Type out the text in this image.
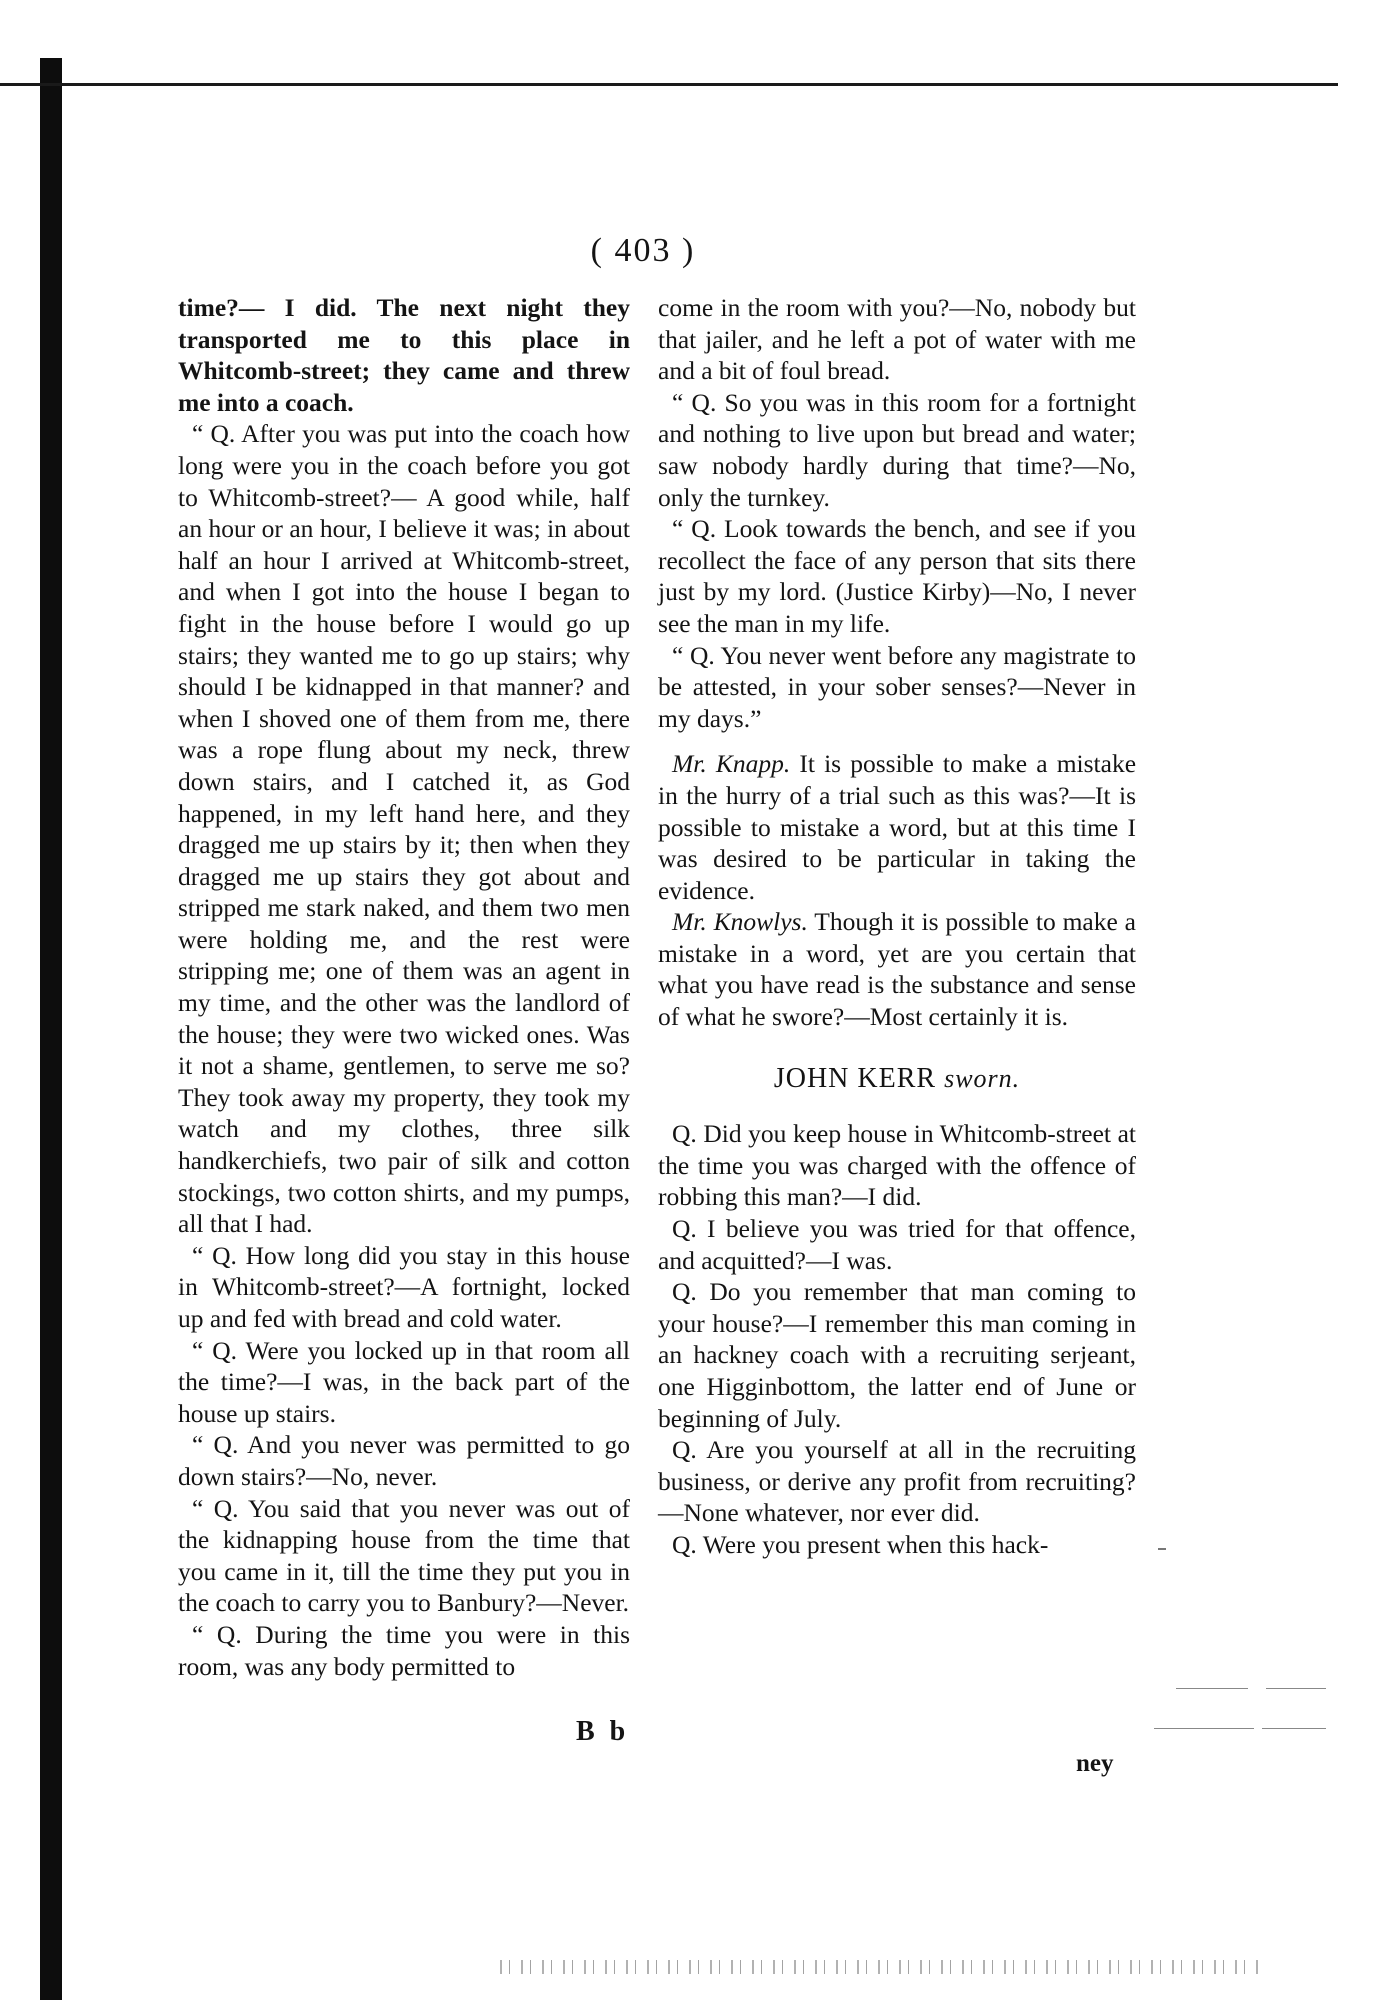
( 403 )

time?— I did. The next night they transported me to this place in Whitcomb-street; they came and threw me into a coach.

“ Q. After you was put into the coach how long were you in the coach before you got to Whitcomb-street?— A good while, half an hour or an hour, I believe it was; in about half an hour I arrived at Whitcomb-street, and when I got into the house I began to fight in the house before I would go up stairs; they wanted me to go up stairs; why should I be kidnapped in that manner? and when I shoved one of them from me, there was a rope flung about my neck, threw down stairs, and I catched it, as God happened, in my left hand here, and they dragged me up stairs by it; then when they dragged me up stairs they got about and stripped me stark naked, and them two men were holding me, and the rest were stripping me; one of them was an agent in my time, and the other was the landlord of the house; they were two wicked ones. Was it not a shame, gentlemen, to serve me so? They took away my property, they took my watch and my clothes, three silk handkerchiefs, two pair of silk and cotton stockings, two cotton shirts, and my pumps, all that I had.

“ Q. How long did you stay in this house in Whitcomb-street?—A fortnight, locked up and fed with bread and cold water.

“ Q. Were you locked up in that room all the time?—I was, in the back part of the house up stairs.

“ Q. And you never was permitted to go down stairs?—No, never.

“ Q. You said that you never was out of the kidnapping house from the time that you came in it, till the time they put you in the coach to carry you to Banbury?—Never.

“ Q. During the time you were in this room, was any body permitted to

come in the room with you?—No, nobody but that jailer, and he left a pot of water with me and a bit of foul bread.

“ Q. So you was in this room for a fortnight and nothing to live upon but bread and water; saw nobody hardly during that time?—No, only the turnkey.

“ Q. Look towards the bench, and see if you recollect the face of any person that sits there just by my lord. (Justice Kirby)—No, I never see the man in my life.

“ Q. You never went before any magistrate to be attested, in your sober senses?—Never in my days.”

Mr. Knapp. It is possible to make a mistake in the hurry of a trial such as this was?—It is possible to mistake a word, but at this time I was desired to be particular in taking the evidence.

Mr. Knowlys. Though it is possible to make a mistake in a word, yet are you certain that what you have read is the substance and sense of what he swore?—Most certainly it is.

JOHN KERR sworn.

Q. Did you keep house in Whitcomb-street at the time you was charged with the offence of robbing this man?—I did.

Q. I believe you was tried for that offence, and acquitted?—I was.

Q. Do you remember that man coming to your house?—I remember this man coming in an hackney coach with a recruiting serjeant, one Higginbottom, the latter end of June or beginning of July.

Q. Are you yourself at all in the recruiting business, or derive any profit from recruiting?—None whatever, nor ever did.

Q. Were you present when this hack-

B b
ney
